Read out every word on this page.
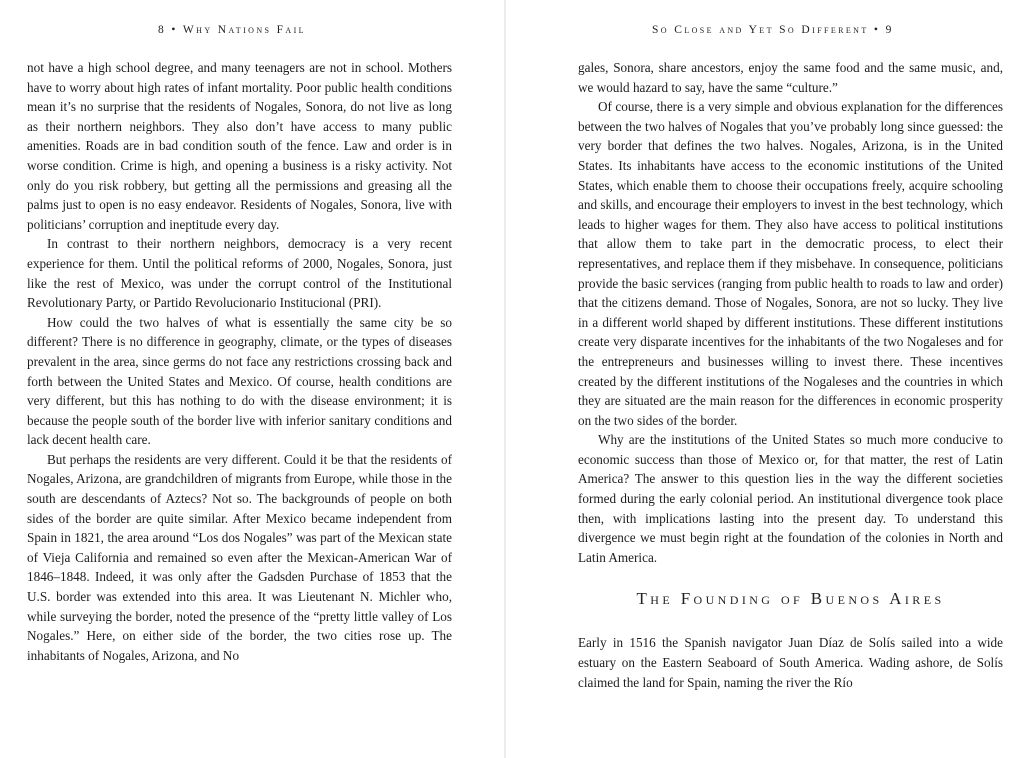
8 • Why Nations Fail

not have a high school degree, and many teenagers are not in school. Mothers have to worry about high rates of infant mortality. Poor public health conditions mean it’s no surprise that the residents of Nogales, Sonora, do not live as long as their northern neighbors. They also don’t have access to many public amenities. Roads are in bad condition south of the fence. Law and order is in worse condition. Crime is high, and opening a business is a risky activity. Not only do you risk robbery, but getting all the permissions and greasing all the palms just to open is no easy endeavor. Residents of Nogales, Sonora, live with politicians’ corruption and ineptitude every day.

In contrast to their northern neighbors, democracy is a very recent experience for them. Until the political reforms of 2000, Nogales, Sonora, just like the rest of Mexico, was under the corrupt control of the Institutional Revolutionary Party, or Partido Revolucionario Institucional (PRI).

How could the two halves of what is essentially the same city be so different? There is no difference in geography, climate, or the types of diseases prevalent in the area, since germs do not face any restrictions crossing back and forth between the United States and Mexico. Of course, health conditions are very different, but this has nothing to do with the disease environment; it is because the people south of the border live with inferior sanitary conditions and lack decent health care.

But perhaps the residents are very different. Could it be that the residents of Nogales, Arizona, are grandchildren of migrants from Europe, while those in the south are descendants of Aztecs? Not so. The backgrounds of people on both sides of the border are quite similar. After Mexico became independent from Spain in 1821, the area around “Los dos Nogales” was part of the Mexican state of Vieja California and remained so even after the Mexican-American War of 1846–1848. Indeed, it was only after the Gadsden Purchase of 1853 that the U.S. border was extended into this area. It was Lieutenant N. Michler who, while surveying the border, noted the presence of the “pretty little valley of Los Nogales.” Here, on either side of the border, the two cities rose up. The inhabitants of Nogales, Arizona, and No

So Close and Yet So Different • 9

gales, Sonora, share ancestors, enjoy the same food and the same music, and, we would hazard to say, have the same “culture.”

Of course, there is a very simple and obvious explanation for the differences between the two halves of Nogales that you’ve probably long since guessed: the very border that defines the two halves. Nogales, Arizona, is in the United States. Its inhabitants have access to the economic institutions of the United States, which enable them to choose their occupations freely, acquire schooling and skills, and encourage their employers to invest in the best technology, which leads to higher wages for them. They also have access to political institutions that allow them to take part in the democratic process, to elect their representatives, and replace them if they misbehave. In consequence, politicians provide the basic services (ranging from public health to roads to law and order) that the citizens demand. Those of Nogales, Sonora, are not so lucky. They live in a different world shaped by different institutions. These different institutions create very disparate incentives for the inhabitants of the two Nogaleses and for the entrepreneurs and businesses willing to invest there. These incentives created by the different institutions of the Nogaleses and the countries in which they are situated are the main reason for the differences in economic prosperity on the two sides of the border.

Why are the institutions of the United States so much more conducive to economic success than those of Mexico or, for that matter, the rest of Latin America? The answer to this question lies in the way the different societies formed during the early colonial period. An institutional divergence took place then, with implications lasting into the present day. To understand this divergence we must begin right at the foundation of the colonies in North and Latin America.

The Founding of Buenos Aires

Early in 1516 the Spanish navigator Juan Díaz de Solís sailed into a wide estuary on the Eastern Seaboard of South America. Wading ashore, de Solís claimed the land for Spain, naming the river the Río
